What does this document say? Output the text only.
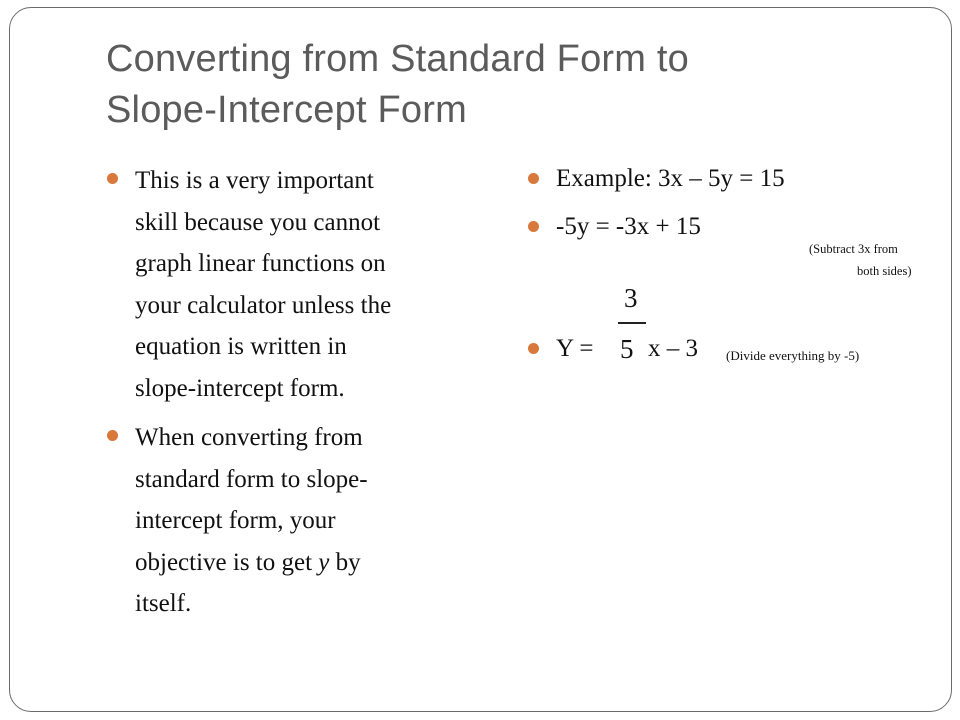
Converting from Standard Form to
Slope-Intercept Form
This is a very important
skill because you cannot
graph linear functions on
your calculator unless the
equation is written in
slope-intercept form.
When converting from
standard form to slope-
intercept form, your
objective is to get y by
itself.
Example: 3x – 5y = 15
-5y = -3x + 15
(Subtract 3x from
both sides)
3
Y = 5 x – 3 (Divide everything by -5)
